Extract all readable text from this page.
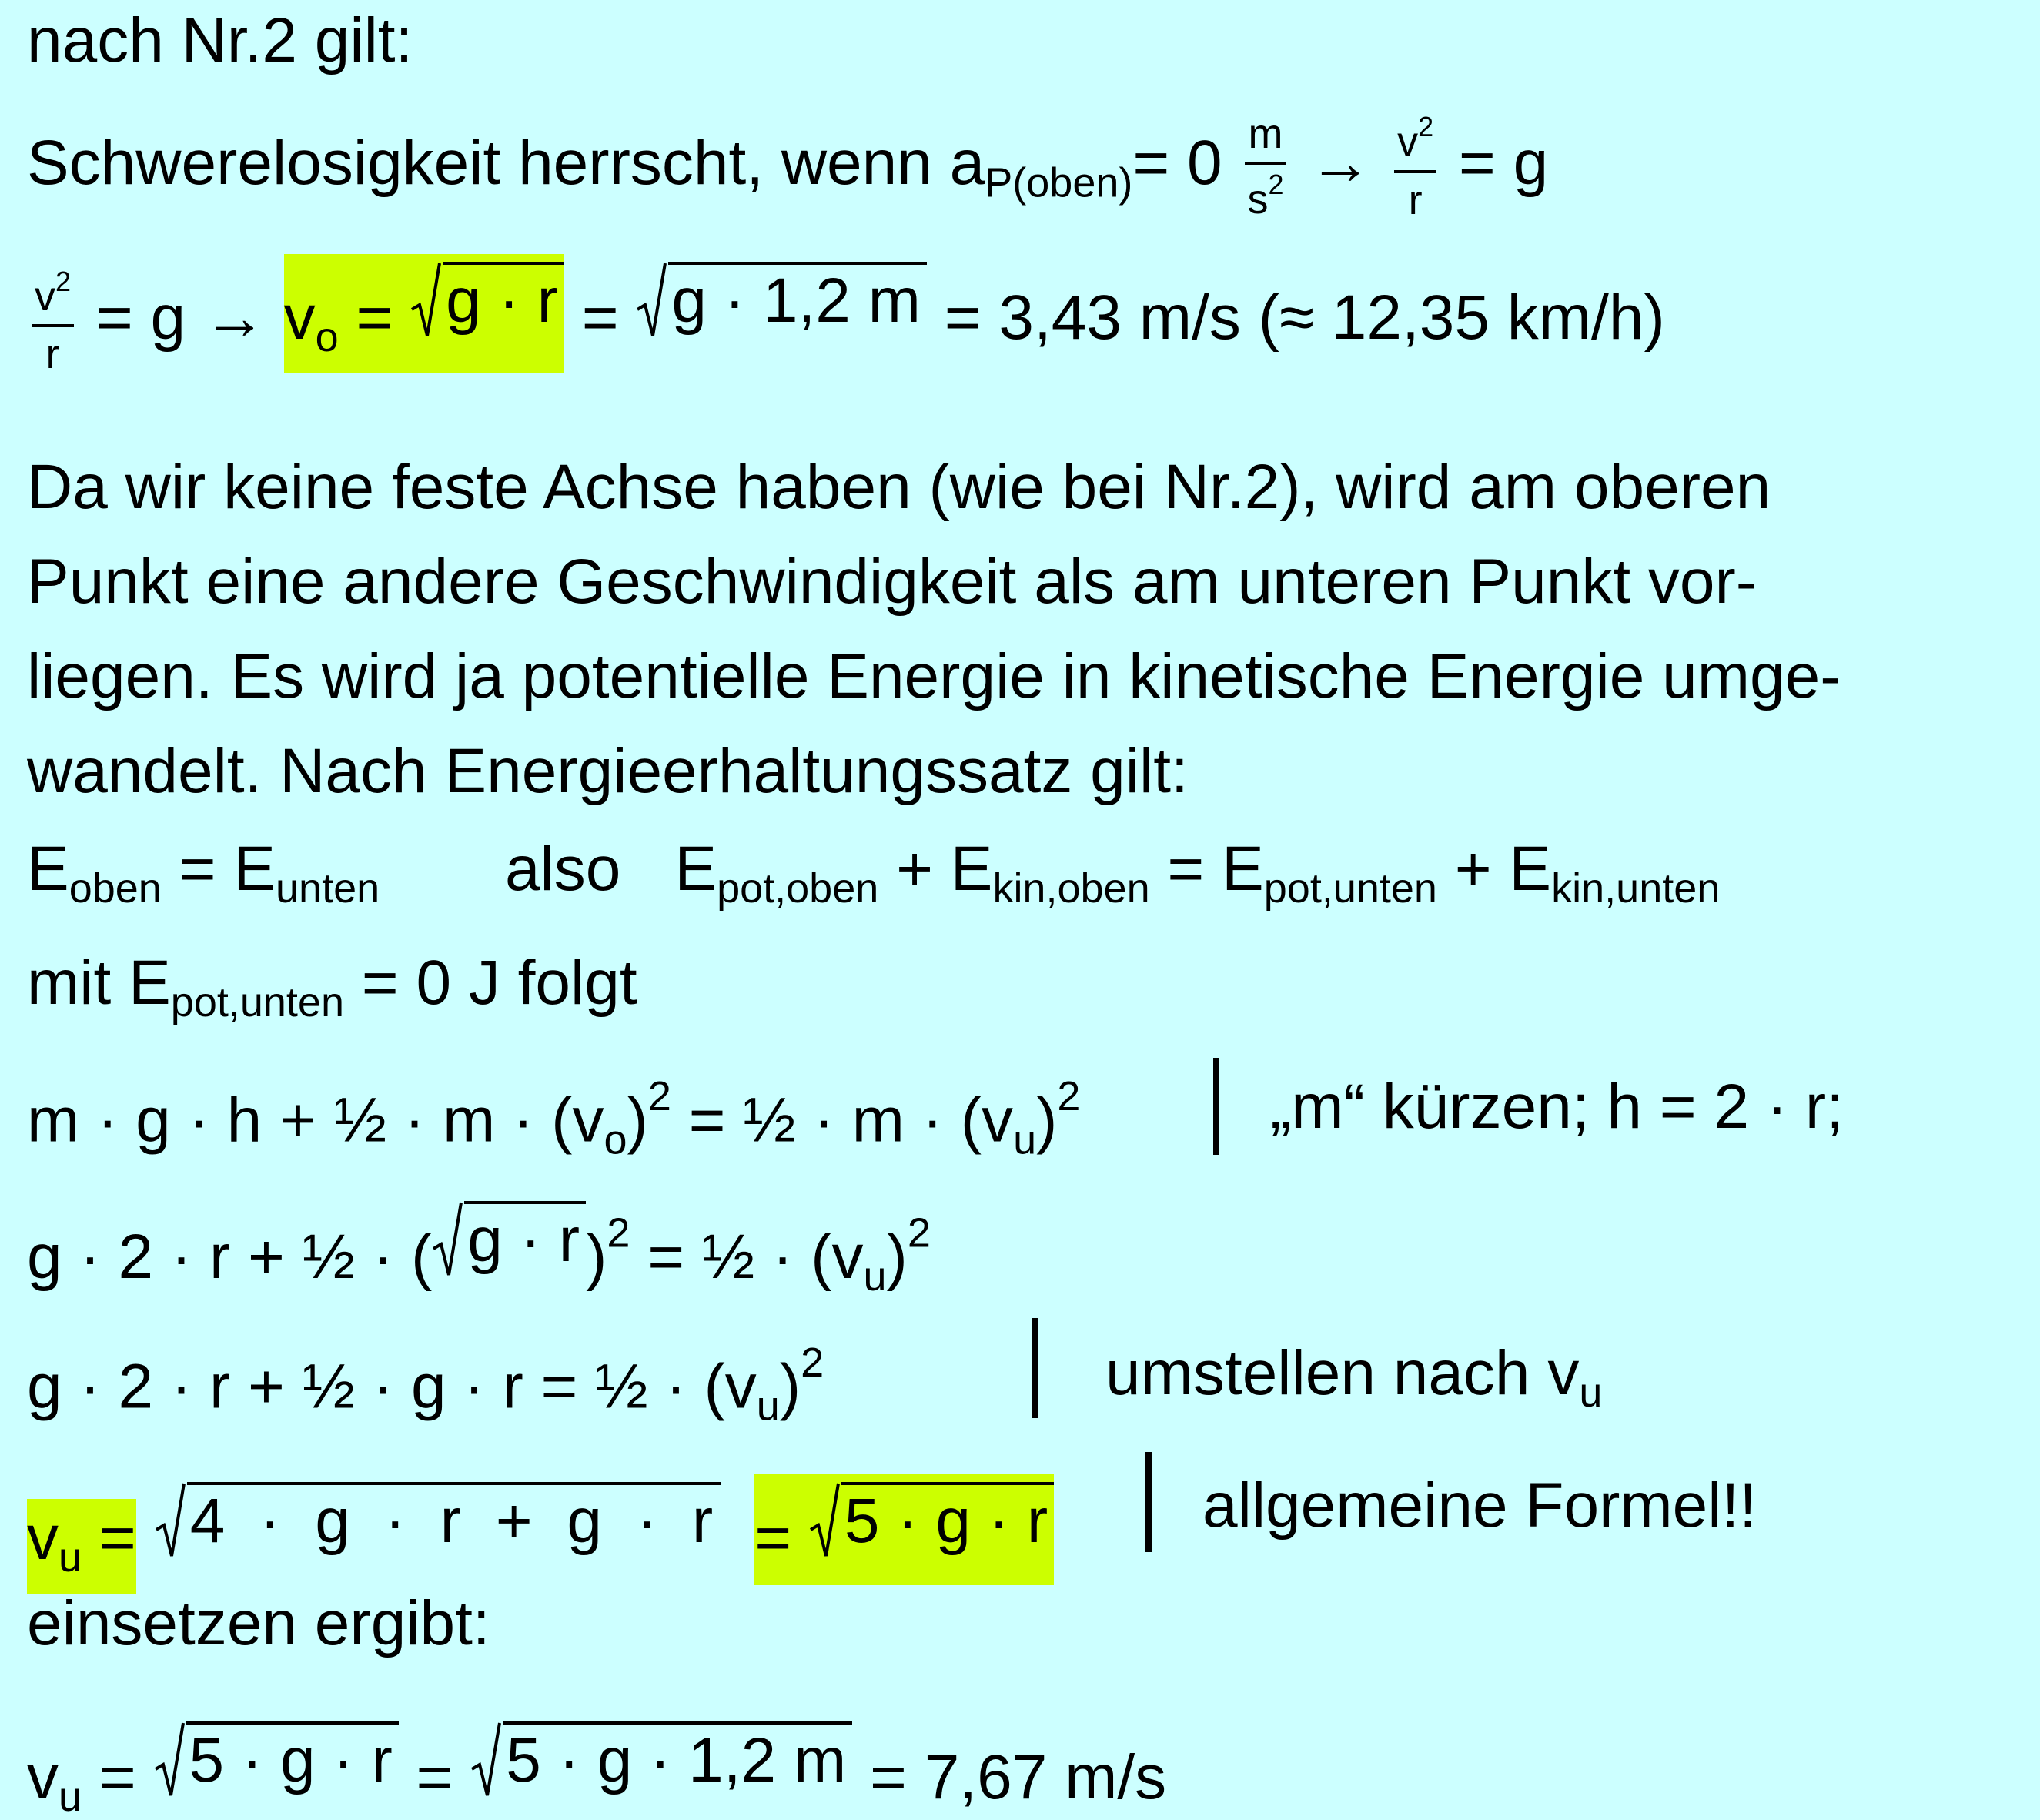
nach Nr.2 gilt:
Schwerelosigkeit herrscht, wenn $a_{P(oben)}= 0 \frac{m}{s^2} \to \frac{v^2}{r} = g$
$\frac{v^2}{r} = g \to v_o = g \cdot r = g \cdot 1,2$ m = 3,43 m/s (≈ 12,35 km/h)
Da wir keine feste Achse haben (wie bei Nr.2), wird am oberen
Punkt eine andere Geschwindigkeit als am unteren Punkt vor-
liegen. Es wird ja potentielle Energie in kinetische Energie umge-
wandelt. Nach Energieerhaltungssatz gilt:
$E_{oben} = E_{unten}$ also $E_{pot,oben} + E_{kin,oben} = E_{pot,unten} + E_{kin,unten}$
mit $E_{pot,unten} = 0$ J folgt
m · g · h + ½ · $m \cdot (v_o)^2$ = ½ · $m \cdot (v_u)^2$	„m“ kürzen; h = 2 · r;
g · 2 · r + ½ · ( g · r )$^2$ = ½ · $(v_u)^2$
g · 2 · r + ½ · g · r = ½ · $(v_u)^2$	umstellen nach $v_u$
$v_u = 4 \cdot g \cdot r + g \cdot r = 5 \cdot g \cdot r$ allgemeine Formel!!
einsetzen ergibt:
$v_u = 5 \cdot g \cdot r = 5 \cdot g \cdot 1,2$ m = 7,67 m/s
